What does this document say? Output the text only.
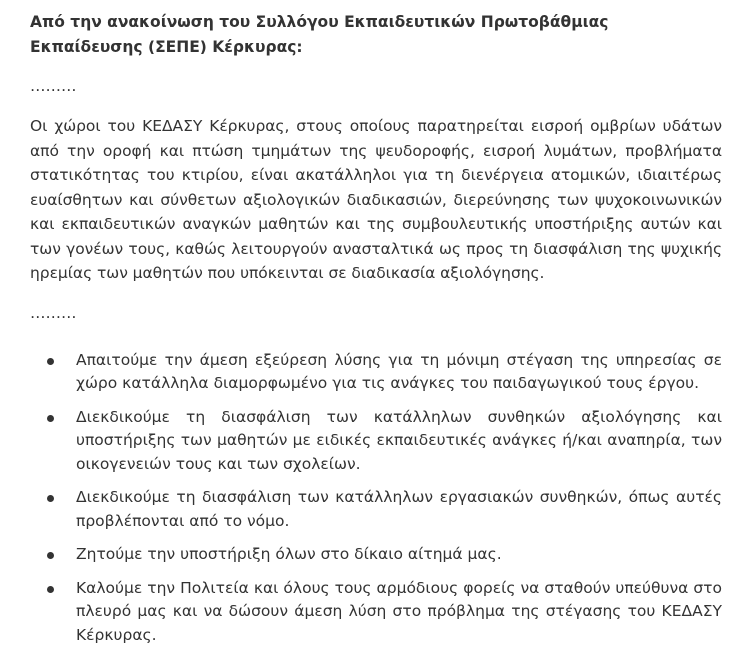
Από την ανακοίνωση του Συλλόγου Εκπαιδευτικών Πρωτοβάθμιας Εκπαίδευσης (ΣΕΠΕ) Κέρκυρας:

………

Οι χώροι του ΚΕΔΑΣΥ Κέρκυρας, στους οποίους παρατηρείται εισροή ομβρίων υδάτων από την οροφή και πτώση τμημάτων της ψευδοροφής, εισροή λυμάτων, προβλήματα στατικότητας του κτιρίου, είναι ακατάλληλοι για τη διενέργεια ατομικών, ιδιαιτέρως ευαίσθητων και σύνθετων αξιολογικών διαδικασιών, διερεύνησης των ψυχοκοινωνικών και εκπαιδευτικών αναγκών μαθητών και της συμβουλευτικής υποστήριξης αυτών και των γονέων τους, καθώς λειτουργούν ανασταλτικά ως προς τη διασφάλιση της ψυχικής ηρεμίας των μαθητών που υπόκεινται σε διαδικασία αξιολόγησης.

………

Απαιτούμε την άμεση εξεύρεση λύσης για τη μόνιμη στέγαση της υπηρεσίας σε χώρο κατάλληλα διαμορφωμένο για τις ανάγκες του παιδαγωγικού τους έργου.
Διεκδικούμε τη διασφάλιση των κατάλληλων συνθηκών αξιολόγησης και υποστήριξης των μαθητών με ειδικές εκπαιδευτικές ανάγκες ή/και αναπηρία, των οικογενειών τους και των σχολείων.
Διεκδικούμε τη διασφάλιση των κατάλληλων εργασιακών συνθηκών, όπως αυτές προβλέπονται από το νόμο.
Ζητούμε την υποστήριξη όλων στο δίκαιο αίτημά μας.
Καλούμε την Πολιτεία και όλους τους αρμόδιους φορείς να σταθούν υπεύθυνα στο πλευρό μας και να δώσουν άμεση λύση στο πρόβλημα της στέγασης του ΚΕΔΑΣΥ Κέρκυρας.
